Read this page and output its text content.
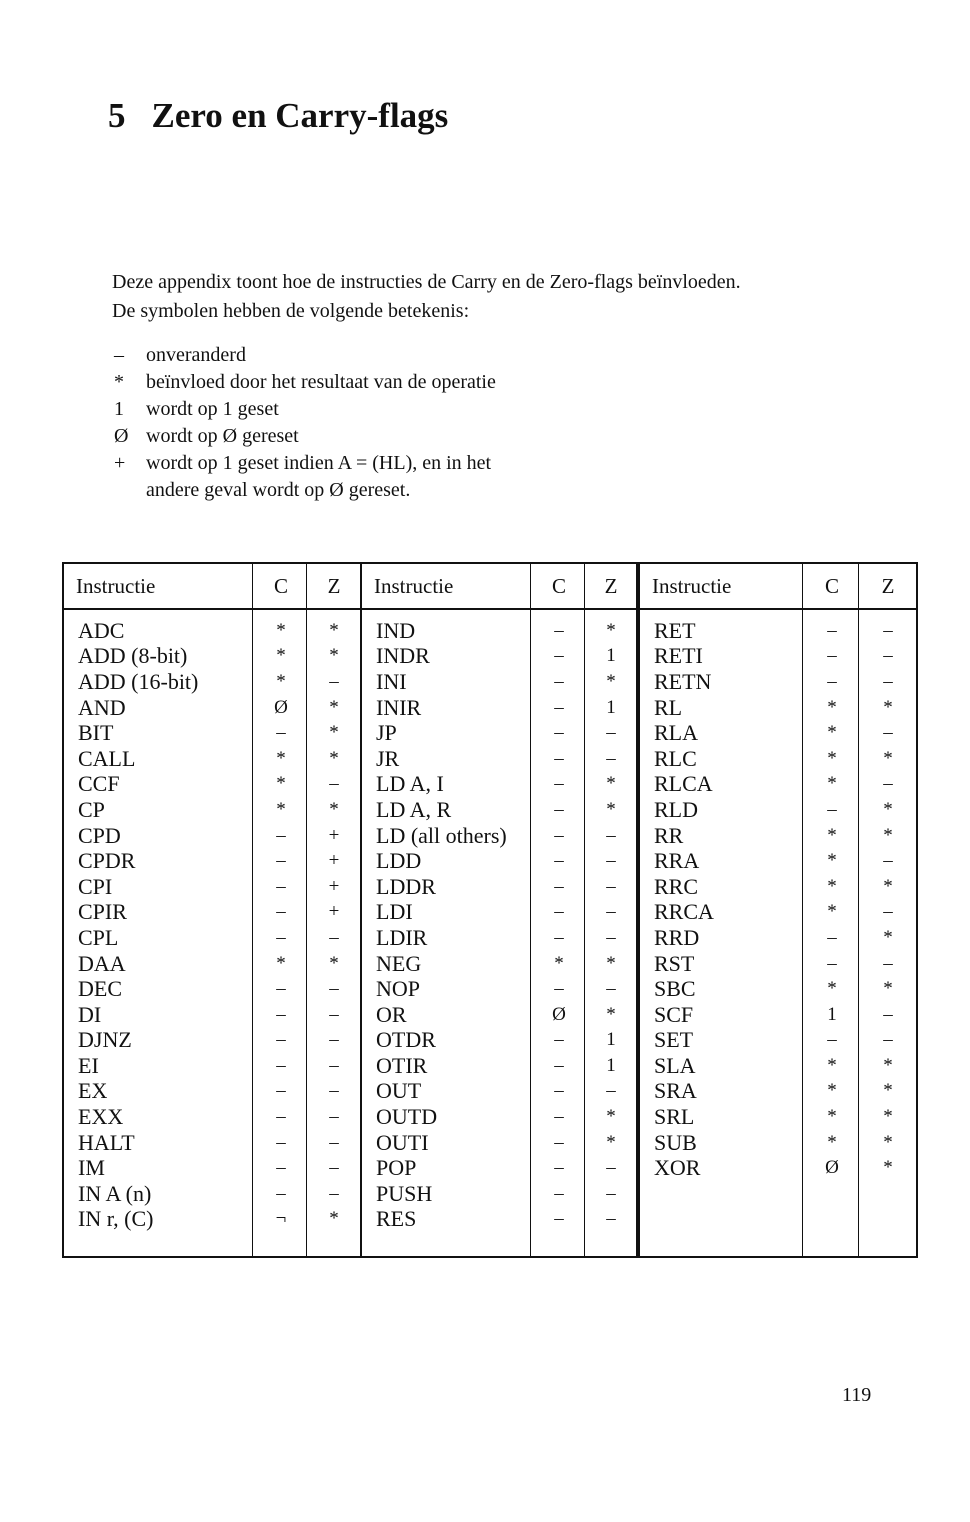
5 Zero en Carry-flags

Deze appendix toont hoe de instructies de Carry en de Zero-flags beïnvloeden.

De symbolen hebben de volgende betekenis:

–	onveranderd
*	beïnvloed door het resultaat van de operatie
1	wordt op 1 geset
Ø wordt op Ø gereset
+	wordt op 1 geset indien A = (HL), en in het
andere geval wordt op Ø gereset.
Instructie	C	Z
ADC	*	*
ADD (8-bit)	*	*
ADD (16-bit)	*	–
AND	Ø	*
BIT	–	*
CALL	*	*
CCF	*	–
CP	*	*
CPD	–	+
CPDR	–	+
CPI	–	+
CPIR	–	+
CPL	–	–
DAA	*	*
DEC	–	–
DI	–	–
DJNZ	–	–
EI	–	–
EX	–	–
EXX	–	–
HALT	–	–
IM	–	–
IN A (n)	–	–
IN r, (C)	¬	*
Instructie	C	Z
IND	–	*
INDR	–	1
INI	–	*
INIR	–	1
JP	–	–
JR	–	–
LD A, I	–	*
LD A, R	–	*
LD (all others)	–	–
LDD	–	–
LDDR	–	–
LDI	–	–
LDIR	–	–
NEG	*	*
NOP	–	–
OR	Ø	*
OTDR	–	1
OTIR	–	1
OUT	–	–
OUTD	–	*
OUTI	–	*
POP	–	–
PUSH	–	–
RES	–	–
Instructie	C	Z
RET	–	–
RETI	–	–
RETN	–	–
RL	*	*
RLA	*	–
RLC	*	*
RLCA	*	–
RLD	–	*
RR	*	*
RRA	*	–
RRC	*	*
RRCA	*	–
RRD	–	*
RST	–	–
SBC	*	*
SCF	1	–
SET	–	–
SLA	*	*
SRA	*	*
SRL	*	*
SUB	*	*
XOR	Ø	*
119
